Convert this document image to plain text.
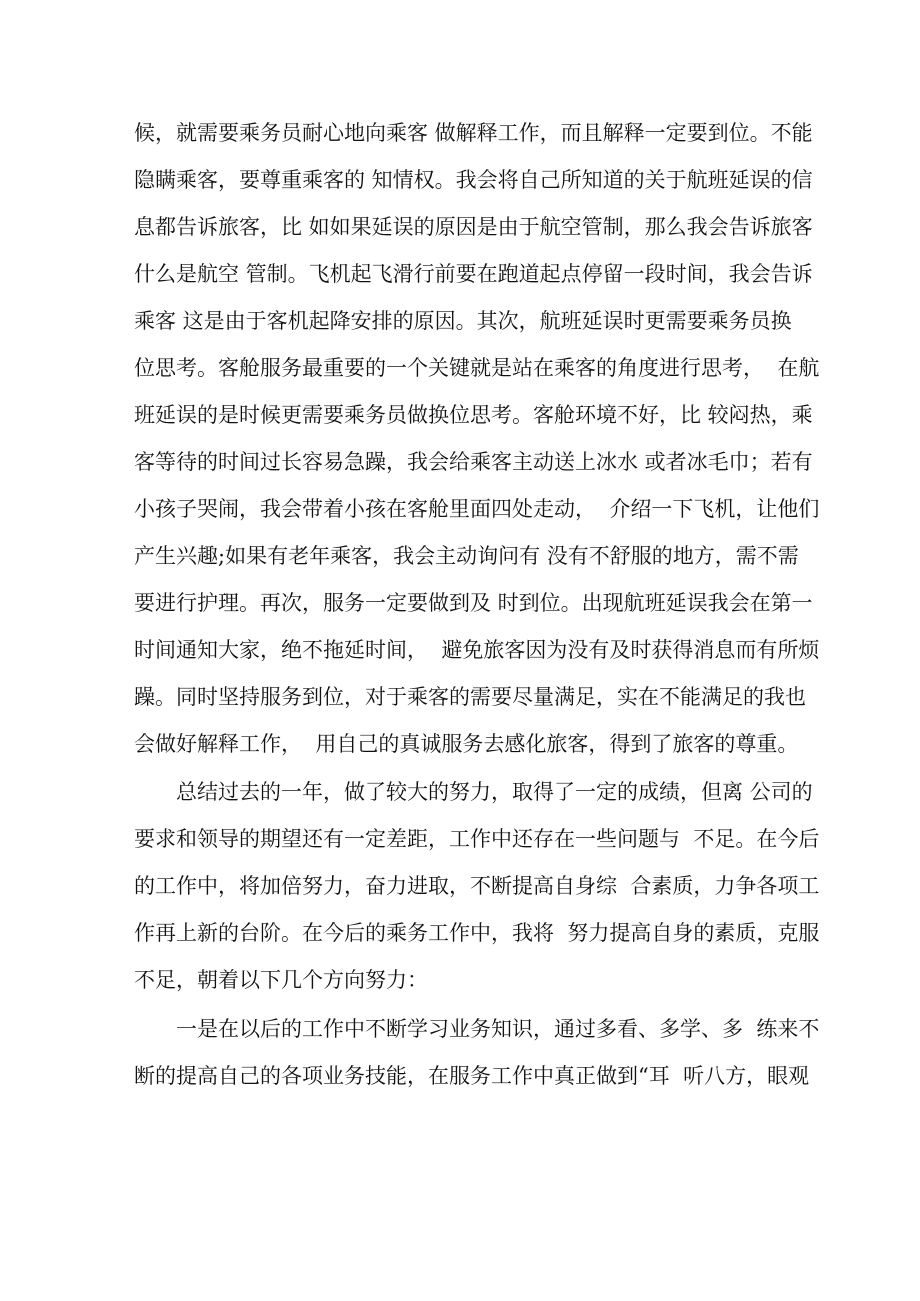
候，就需要乘务员耐心地向乘客 做解释工作，而且解释一定要到位。不能
隐瞒乘客，要尊重乘客的 知情权。我会将自己所知道的关于航班延误的信
息都告诉旅客，比 如如果延误的原因是由于航空管制，那么我会告诉旅客
什么是航空 管制。飞机起飞滑行前要在跑道起点停留一段时间，我会告诉
乘客 这是由于客机起降安排的原因。其次，航班延误时更需要乘务员换
位思考。客舱服务最重要的一个关键就是站在乘客的角度进行思考，  在航
班延误的是时候更需要乘务员做换位思考。客舱环境不好，比 较闷热，乘
客等待的时间过长容易急躁，我会给乘客主动送上冰水 或者冰毛巾；若有
小孩子哭闹，我会带着小孩在客舱里面四处走动，  介绍一下飞机，让他们
产生兴趣;如果有老年乘客，我会主动询问有 没有不舒服的地方，需不需
要进行护理。再次，服务一定要做到及 时到位。出现航班延误我会在第一
时间通知大家，绝不拖延时间，  避免旅客因为没有及时获得消息而有所烦
躁。同时坚持服务到位，对于乘客的需要尽量满足，实在不能满足的我也
会做好解释工作，  用自己的真诚服务去感化旅客，得到了旅客的尊重。
总结过去的一年，做了较大的努力，取得了一定的成绩，但离 公司的
要求和领导的期望还有一定差距，工作中还存在一些问题与  不足。在今后
的工作中，将加倍努力，奋力进取，不断提高自身综  合素质，力争各项工
作再上新的台阶。在今后的乘务工作中，我将  努力提高自身的素质，克服
不足，朝着以下几个方向努力：
一是在以后的工作中不断学习业务知识，通过多看、多学、多  练来不
断的提高自己的各项业务技能，在服务工作中真正做到“耳  听八方，眼观
